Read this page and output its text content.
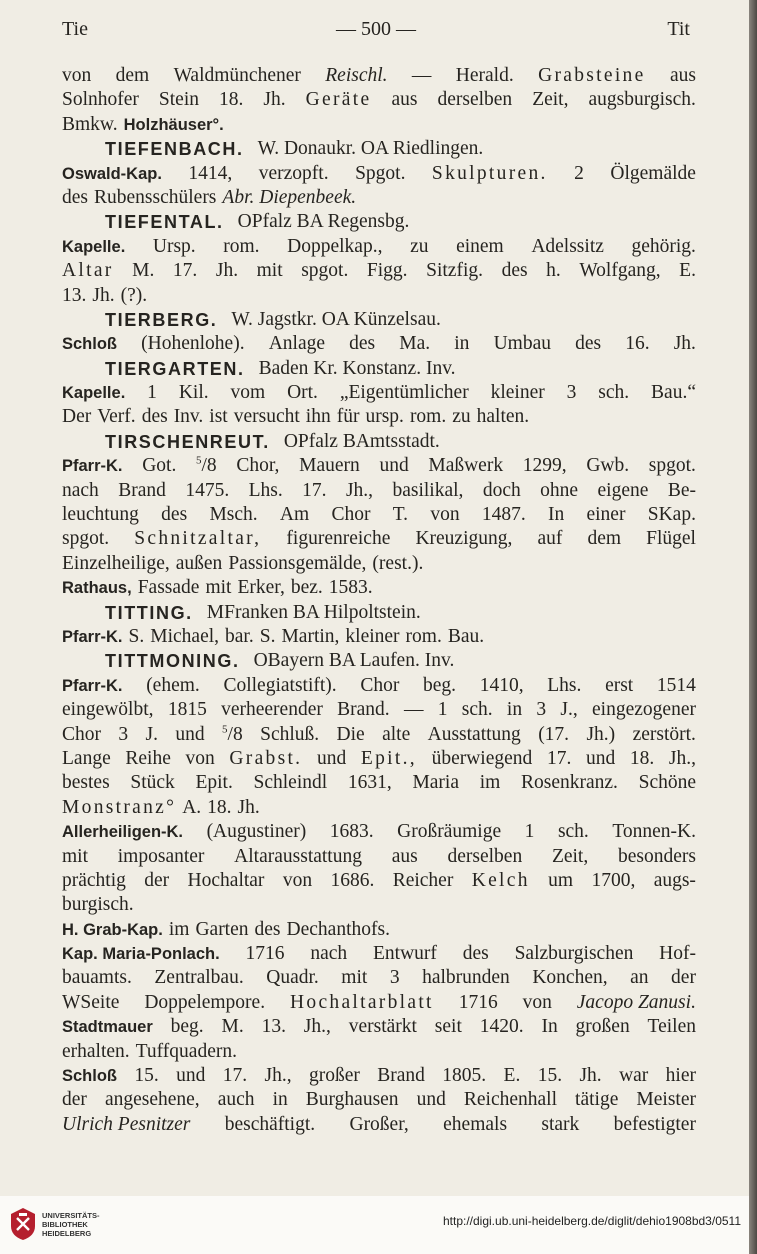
Tie	— 500 —	Tit
von dem Waldmünchener Reischl. — Herald. Grabsteine aus
Solnhofer Stein 18. Jh. Geräte aus derselben Zeit, augsburgisch.
Bmkw. Holzhäuser°.
TIEFENBACH. W. Donaukr. OA Riedlingen.
Oswald-Kap. 1414, verzopft. Spgot. Skulpturen. 2 Ölgemälde
des Rubensschülers Abr. Diepenbeek.
TIEFENTAL. OPfalz BA Regensbg.
Kapelle. Ursp. rom. Doppelkap., zu einem Adelssitz gehörig.
Altar M. 17. Jh. mit spgot. Figg. Sitzfig. des h. Wolfgang, E.
13. Jh. (?).
TIERBERG. W. Jagstkr. OA Künzelsau.
Schloß (Hohenlohe). Anlage des Ma. in Umbau des 16. Jh.
TIERGARTEN. Baden Kr. Konstanz. Inv.
Kapelle. 1 Kil. vom Ort. „Eigentümlicher kleiner 3 sch. Bau.“
Der Verf. des Inv. ist versucht ihn für ursp. rom. zu halten.
TIRSCHENREUT. OPfalz BAmtsstadt.
Pfarr-K. Got. $^5$/8 Chor, Mauern und Maßwerk 1299, Gwb. spgot.
nach Brand 1475. Lhs. 17. Jh., basilikal, doch ohne eigene Be-
leuchtung des Msch. Am Chor T. von 1487. In einer SKap.
spgot. Schnitzaltar, figurenreiche Kreuzigung, auf dem Flügel
Einzelheilige, außen Passionsgemälde, (rest.).
Rathaus, Fassade mit Erker, bez. 1583.
TITTING. MFranken BA Hilpoltstein.
Pfarr-K. S. Michael, bar. S. Martin, kleiner rom. Bau.
TITTMONING. OBayern BA Laufen. Inv.
Pfarr-K. (ehem. Collegiatstift). Chor beg. 1410, Lhs. erst 1514
eingewölbt, 1815 verheerender Brand. — 1 sch. in 3 J., eingezogener
Chor 3 J. und $^5$/8 Schluß. Die alte Ausstattung (17. Jh.) zerstört.
Lange Reihe von Grabst. und Epit., überwiegend 17. und 18. Jh.,
bestes Stück Epit. Schleindl 1631, Maria im Rosenkranz. Schöne
Monstranz° A. 18. Jh.
Allerheiligen-K. (Augustiner) 1683. Großräumige 1 sch. Tonnen-K.
mit imposanter Altarausstattung aus derselben Zeit, besonders
prächtig der Hochaltar von 1686. Reicher Kelch um 1700, augs-
burgisch.
H. Grab-Kap. im Garten des Dechanthofs.
Kap. Maria-Ponlach. 1716 nach Entwurf des Salzburgischen Hof-
bauamts. Zentralbau. Quadr. mit 3 halbrunden Konchen, an der
WSeite Doppelempore. Hochaltarblatt 1716 von Jacopo Zanusi.
Stadtmauer beg. M. 13. Jh., verstärkt seit 1420. In großen Teilen
erhalten. Tuffquadern.
Schloß 15. und 17. Jh., großer Brand 1805. E. 15. Jh. war hier
der angesehene, auch in Burghausen und Reichenhall tätige Meister
Ulrich Pesnitzer beschäftigt. Großer, ehemals stark befestigter
UNIVERSITÄTS-
BIBLIOTHEK
HEIDELBERG
http://digi.ub.uni-heidelberg.de/diglit/dehio1908bd3/0511
